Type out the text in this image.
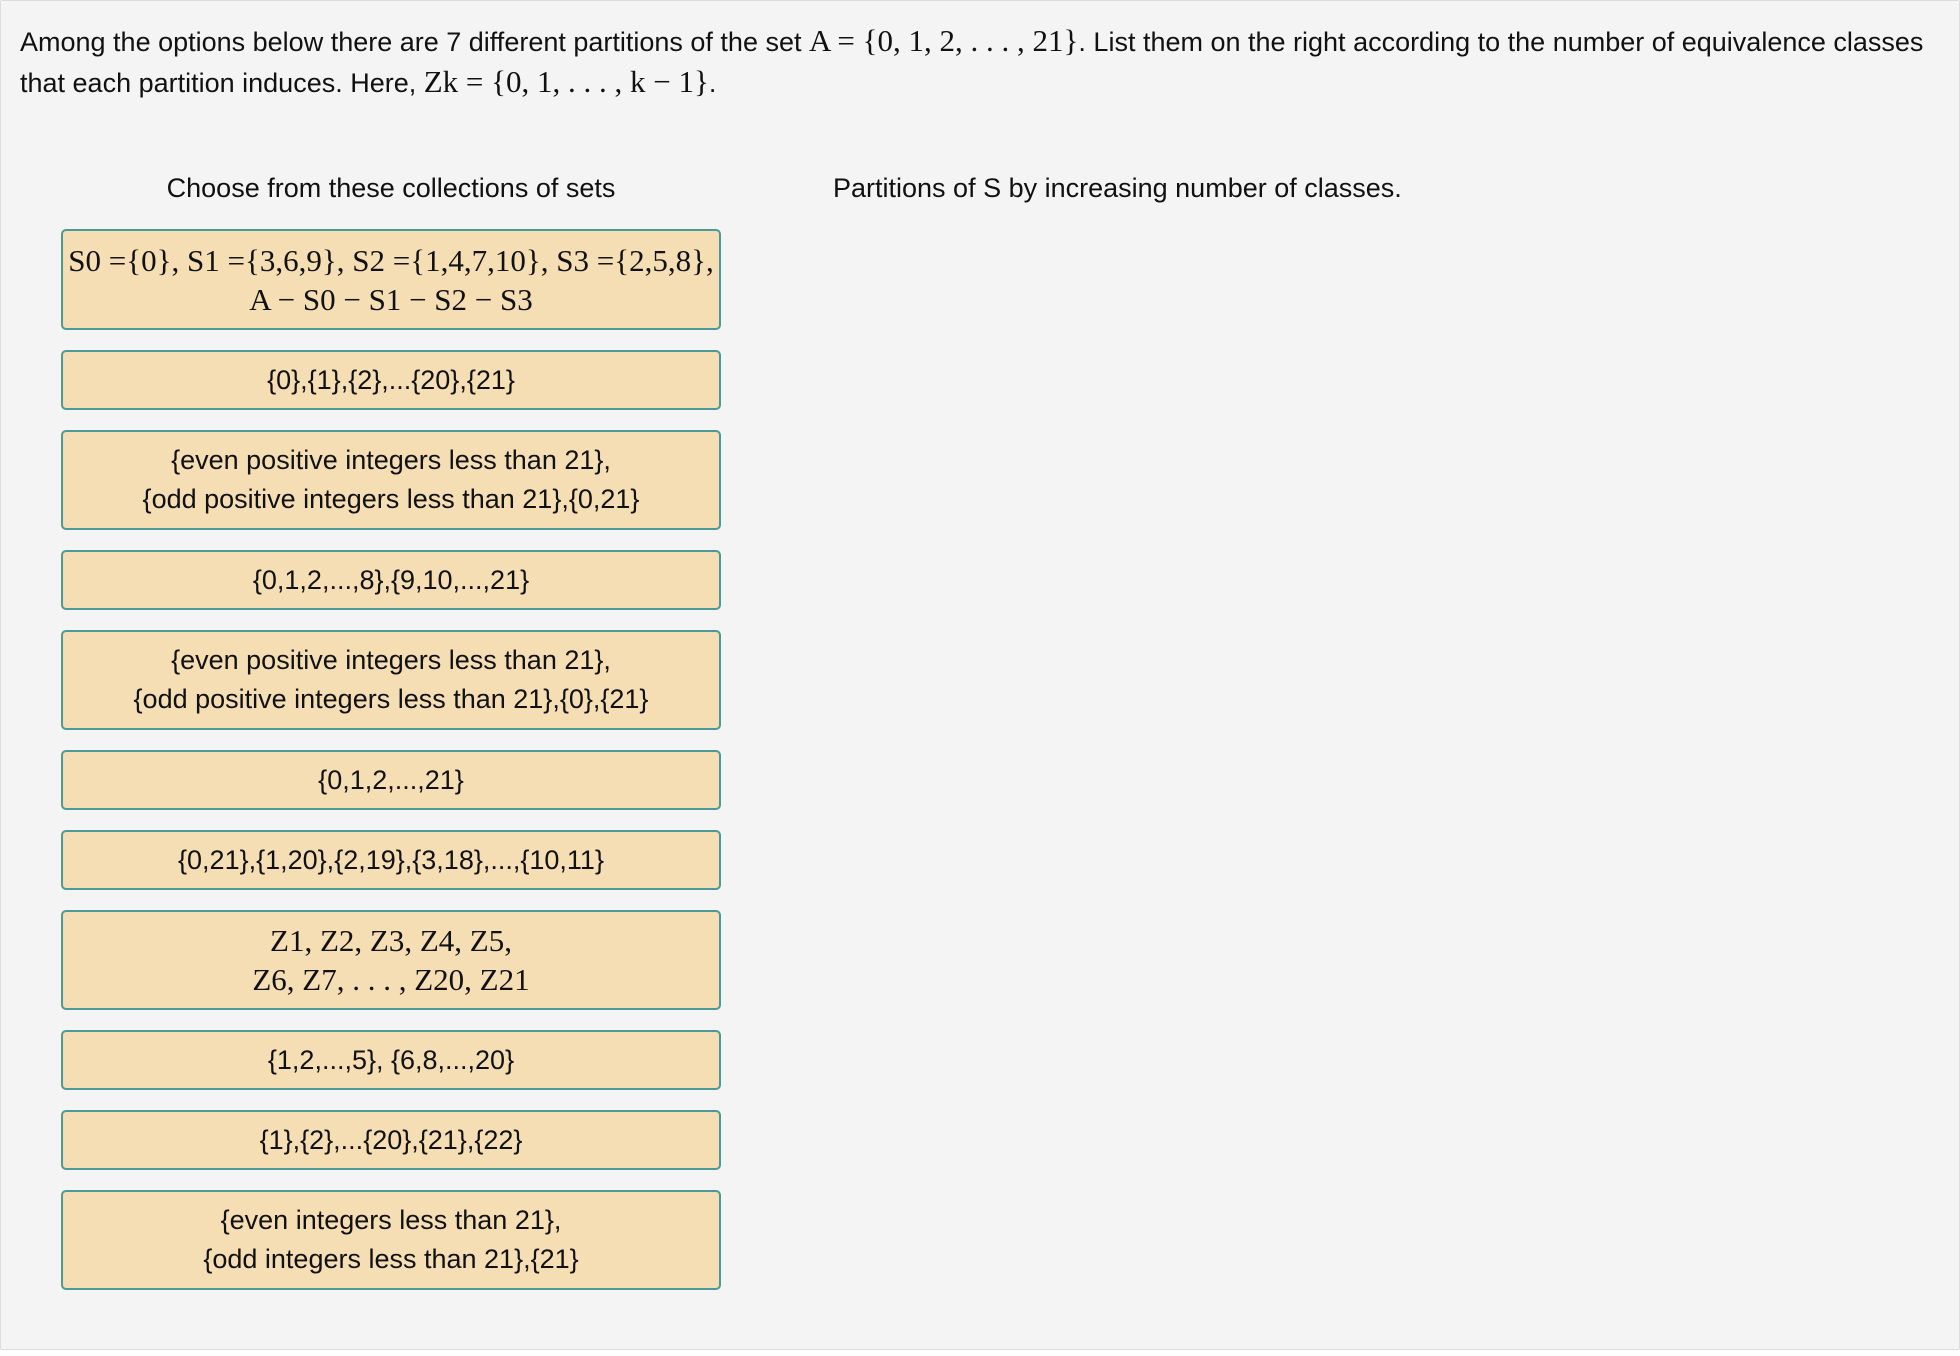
Among the options below there are 7 different partitions of the set A = {0, 1, 2, . . . , 21}. List them on the right according to the number of equivalence classes that each partition induces. Here, Zk = {0, 1, . . . , k − 1}.
Choose from these collections of sets	Partitions of S by increasing number of classes.
S0 ={0}, S1 ={3,6,9}, S2 ={1,4,7,10}, S3 ={2,5,8},
A − S0 − S1 − S2 − S3
{0},{1},{2},...{20},{21}
{even positive integers less than 21},
{odd positive integers less than 21},{0,21}
{0,1,2,...,8},{9,10,...,21}
{even positive integers less than 21},
{odd positive integers less than 21},{0},{21}
{0,1,2,...,21}
{0,21},{1,20},{2,19},{3,18},...,{10,11}
Z1, Z2, Z3, Z4, Z5,
Z6, Z7, . . . , Z20, Z21
{1,2,...,5}, {6,8,...,20}
{1},{2},...{20},{21},{22}
{even integers less than 21},
{odd integers less than 21},{21}
